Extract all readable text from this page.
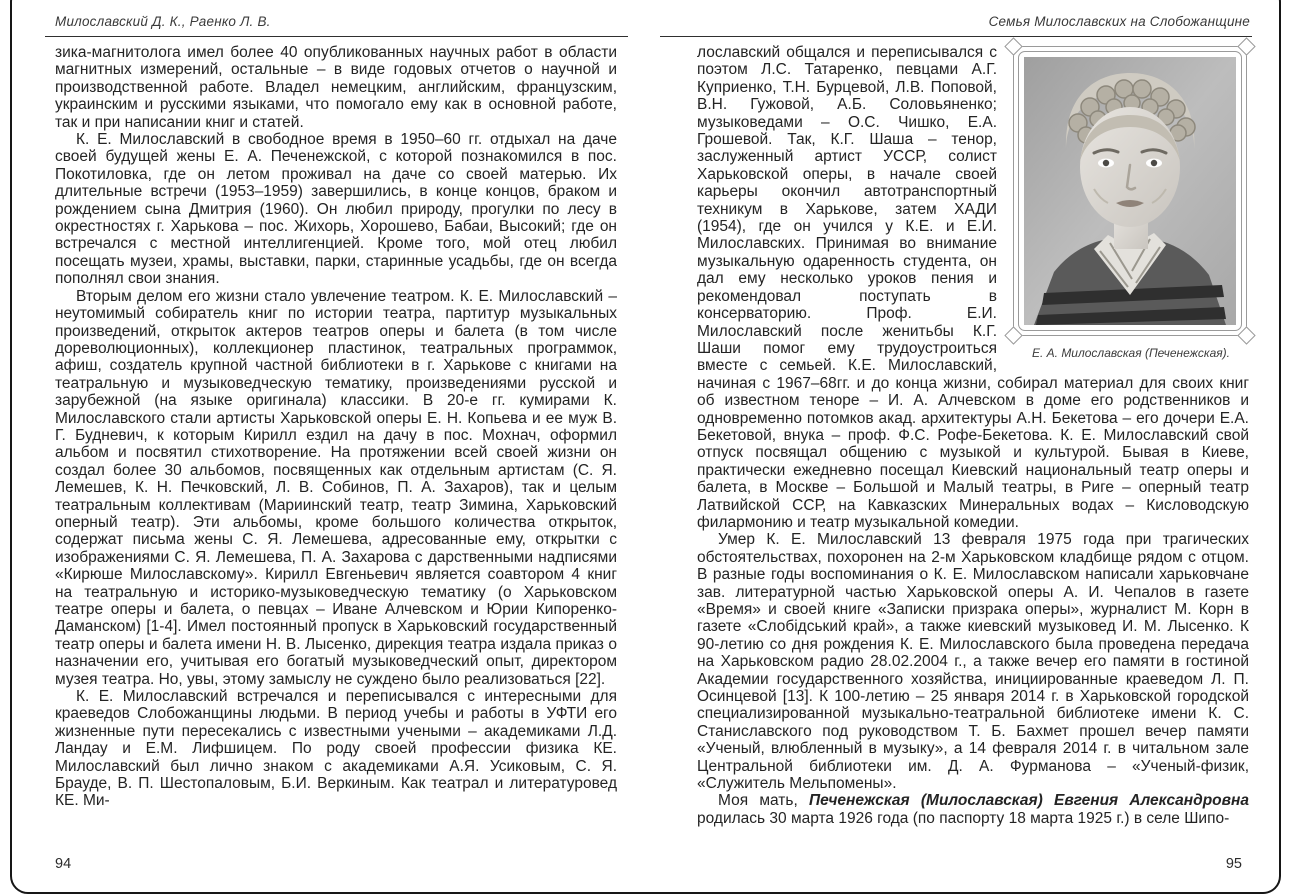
Милославский Д. К., Раенко Л. В.

зика-магнитолога имел более 40 опубликованных научных работ в области магнитных измерений, остальные – в виде годовых отчетов о научной и производственной работе. Владел немецким, английским, французским, украинским и русскими языками, что помогало ему как в основной работе, так и при написании книг и статей.

К. Е. Милославский в свободное время в 1950–60 гг. отдыхал на даче своей будущей жены Е. А. Печенежской, с которой познакомился в пос. Покотиловка, где он летом проживал на даче со своей матерью. Их длительные встречи (1953–1959) завершились, в конце концов, браком и рождением сына Дмитрия (1960). Он любил природу, прогулки по лесу в окрестностях г. Харькова – пос. Жихорь, Хорошево, Бабаи, Высокий; где он встречался с местной интеллигенцией. Кроме того, мой отец любил посещать музеи, храмы, выставки, парки, старинные усадьбы, где он всегда пополнял свои знания.

Вторым делом его жизни стало увлечение театром. К. Е. Милославский – неутомимый собиратель книг по истории театра, партитур музыкальных произведений, открыток актеров театров оперы и балета (в том числе дореволюционных), коллекционер пластинок, театральных программок, афиш, создатель крупной частной библиотеки в г. Харькове с книгами на театральную и музыковедческую тематику, произведениями русской и зарубежной (на языке оригинала) классики. В 20-е гг. кумирами К. Милославского стали артисты Харьковской оперы Е. Н. Копьева и ее муж В. Г. Будневич, к которым Кирилл ездил на дачу в пос. Мохнач, оформил альбом и посвятил стихотворение. На протяжении всей своей жизни он создал более 30 альбомов, посвященных как отдельным артистам (С. Я. Лемешев, К. Н. Печковский, Л. В. Собинов, П. А. Захаров), так и целым театральным коллективам (Мариинский театр, театр Зимина, Харьковский оперный театр). Эти альбомы, кроме большого количества открыток, содержат письма жены С. Я. Лемешева, адресованные ему, открытки с изображениями С. Я. Лемешева, П. А. Захарова с дарственными надписями «Кирюше Милославскому». Кирилл Евгеньевич является соавтором 4 книг на театральную и историко-музыковедческую тематику (о Харьковском театре оперы и балета, о певцах – Иване Алчевском и Юрии Кипоренко-Даманском) [1-4]. Имел постоянный пропуск в Харьковский государственный театр оперы и балета имени Н. В. Лысенко, дирекция театра издала приказ о назначении его, учитывая его богатый музыковедческий опыт, директором музея театра. Но, увы, этому замыслу не суждено было реализоваться [22].

К. Е. Милославский встречался и переписывался с интересными для краеведов Слобожанщины людьми. В период учебы и работы в УФТИ его жизненные пути пересекались с известными учеными – академиками Л.Д. Ландау и Е.М. Лифшицем. По роду своей профессии физика КЕ. Милославский был лично знаком с академиками А.Я. Усиковым, С. Я. Брауде, В. П. Шестопаловым, Б.И. Веркиным. Как театрал и литературовед КЕ. Ми-

94
Семья Милославских на Слобожанщине
Е. А. Милославская (Печенежская).

лославский общался и переписывался с поэтом Л.С. Татаренко, певцами А.Г. Куприенко, Т.Н. Бурцевой, Л.В. Поповой, В.Н. Гужовой, А.Б. Соловьяненко; музыковедами – О.С. Чишко, Е.А. Грошевой. Так, К.Г. Шаша – тенор, заслуженный артист УССР, солист Харьковской оперы, в начале своей карьеры окончил автотранспортный техникум в Харькове, затем ХАДИ (1954), где он учился у К.Е. и Е.И. Милославских. Принимая во внимание музыкальную одаренность студента, он дал ему несколько уроков пения и рекомендовал поступать в консерваторию. Проф. Е.И. Милославский после женитьбы К.Г. Шаши помог ему трудоустроиться вместе с семьей. К.Е. Милославский, начиная с 1967–68гг. и до конца жизни, собирал материал для своих книг об известном теноре – И. А. Алчевском в доме его родственников и одновременно потомков акад. архитектуры А.Н. Бекетова – его дочери Е.А. Бекетовой, внука – проф. Ф.С. Рофе-Бекетова. К. Е. Милославский свой отпуск посвящал общению с музыкой и культурой. Бывая в Киеве, практически ежедневно посещал Киевский национальный театр оперы и балета, в Москве – Большой и Малый театры, в Риге – оперный театр Латвийской ССР, на Кавказских Минеральных водах – Кисловодскую филармонию и театр музыкальной комедии.

Умер К. Е. Милославский 13 февраля 1975 года при трагических обстоятельствах, похоронен на 2-м Харьковском кладбище рядом с отцом. В разные годы воспоминания о К. Е. Милославском написали харьковчане зав. литературной частью Харьковской оперы А. И. Чепалов в газете «Время» и своей книге «Записки призрака оперы», журналист М. Корн в газете «Слобідський край», а также киевский музыковед И. М. Лысенко. К 90-летию со дня рождения К. Е. Милославского была проведена передача на Харьковском радио 28.02.2004 г., а также вечер его памяти в гостиной Академии государственного хозяйства, инициированные краеведом Л. П. Осинцевой [13]. К 100-летию – 25 января 2014 г. в Харьковской городской специализированной музыкально-театральной библиотеке имени К. С. Станиславского под руководством Т. Б. Бахмет прошел вечер памяти «Ученый, влюбленный в музыку», а 14 февраля 2014 г. в читальном зале Центральной библиотеки им. Д. А. Фурманова – «Ученый-физик, «Служитель Мельпомены».

Моя мать, Печенежская (Милославская) Евгения Александровна родилась 30 марта 1926 года (по паспорту 18 марта 1925 г.) в селе Шипо-

95
